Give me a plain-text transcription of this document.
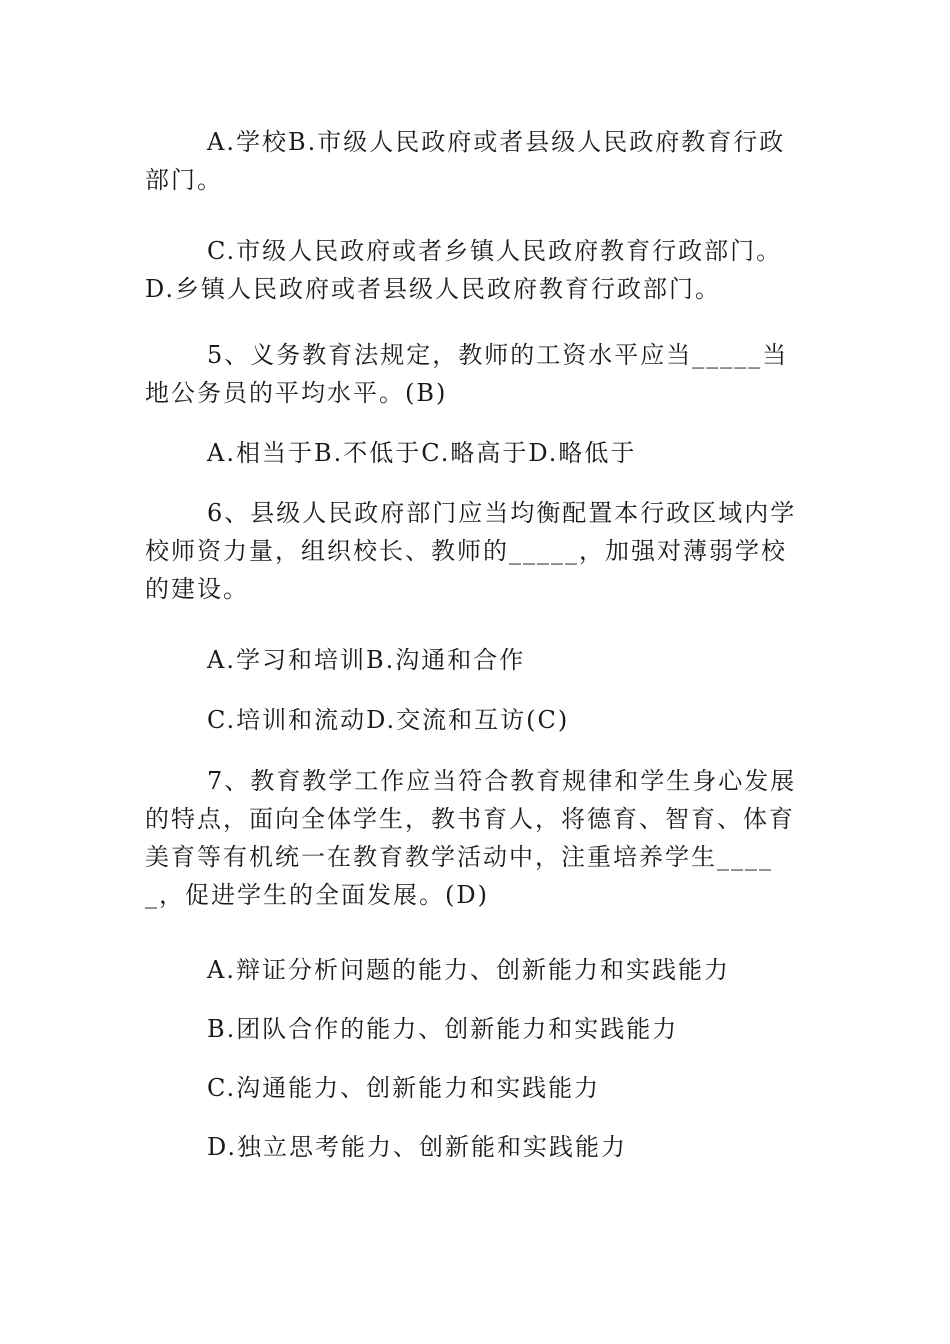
A.学校B.市级人民政府或者县级人民政府教育行政部门。

C.市级人民政府或者乡镇人民政府教育行政部门。D.乡镇人民政府或者县级人民政府教育行政部门。

5、义务教育法规定，教师的工资水平应当_____当地公务员的平均水平。(B)

A.相当于B.不低于C.略高于D.略低于

6、县级人民政府部门应当均衡配置本行政区域内学校师资力量，组织校长、教师的_____，加强对薄弱学校的建设。

A.学习和培训B.沟通和合作

C.培训和流动D.交流和互访(C)

7、教育教学工作应当符合教育规律和学生身心发展的特点，面向全体学生，教书育人，将德育、智育、体育美育等有机统一在教育教学活动中，注重培养学生_____，促进学生的全面发展。(D)

A.辩证分析问题的能力、创新能力和实践能力

B.团队合作的能力、创新能力和实践能力

C.沟通能力、创新能力和实践能力

D.独立思考能力、创新能和实践能力
